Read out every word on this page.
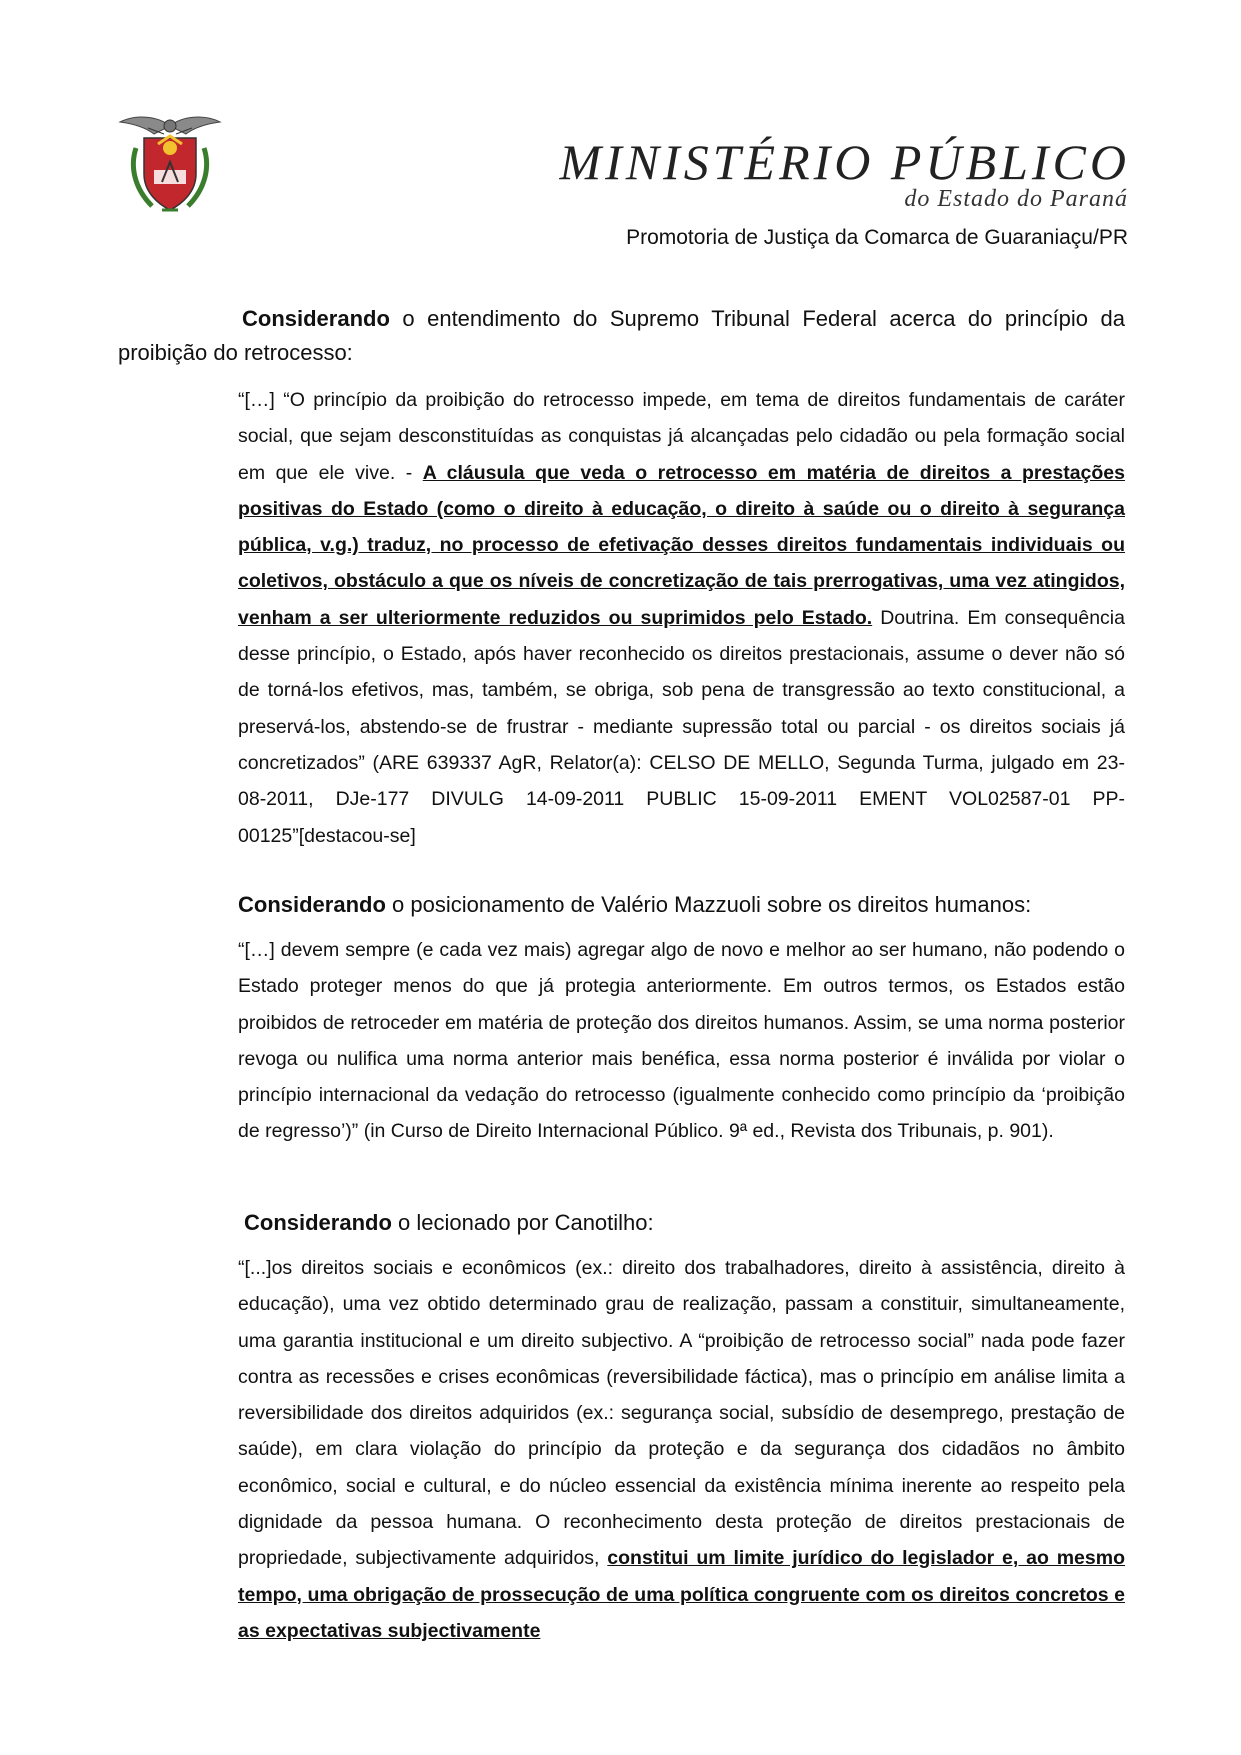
MINISTÉRIO PÚBLICO
do Estado do Paraná
Promotoria de Justiça da Comarca de Guaraniaçu/PR

Considerando o entendimento do Supremo Tribunal Federal acerca do princípio da proibição do retrocesso:

“[…] “O princípio da proibição do retrocesso impede, em tema de direitos fundamentais de caráter social, que sejam desconstituídas as conquistas já alcançadas pelo cidadão ou pela formação social em que ele vive. - A cláusula que veda o retrocesso em matéria de direitos a prestações positivas do Estado (como o direito à educação, o direito à saúde ou o direito à segurança pública, v.g.) traduz, no processo de efetivação desses direitos fundamentais individuais ou coletivos, obstáculo a que os níveis de concretização de tais prerrogativas, uma vez atingidos, venham a ser ulteriormente reduzidos ou suprimidos pelo Estado. Doutrina. Em consequência desse princípio, o Estado, após haver reconhecido os direitos prestacionais, assume o dever não só de torná-los efetivos, mas, também, se obriga, sob pena de transgressão ao texto constitucional, a preservá-los, abstendo-se de frustrar - mediante supressão total ou parcial - os direitos sociais já concretizados” (ARE 639337 AgR, Relator(a): CELSO DE MELLO, Segunda Turma, julgado em 23-08-2011, DJe-177 DIVULG 14-09-2011 PUBLIC 15-09-2011 EMENT VOL02587-01 PP-00125”[destacou-se]

Considerando o posicionamento de Valério Mazzuoli sobre os direitos humanos:

“[…] devem sempre (e cada vez mais) agregar algo de novo e melhor ao ser humano, não podendo o Estado proteger menos do que já protegia anteriormente. Em outros termos, os Estados estão proibidos de retroceder em matéria de proteção dos direitos humanos. Assim, se uma norma posterior revoga ou nulifica uma norma anterior mais benéfica, essa norma posterior é inválida por violar o princípio internacional da vedação do retrocesso (igualmente conhecido como princípio da ‘proibição de regresso’)” (in Curso de Direito Internacional Público. 9ª ed., Revista dos Tribunais, p. 901).

Considerando o lecionado por Canotilho:

“[...]os direitos sociais e econômicos (ex.: direito dos trabalhadores, direito à assistência, direito à educação), uma vez obtido determinado grau de realização, passam a constituir, simultaneamente, uma garantia institucional e um direito subjectivo. A “proibição de retrocesso social” nada pode fazer contra as recessões e crises econômicas (reversibilidade fáctica), mas o princípio em análise limita a reversibilidade dos direitos adquiridos (ex.: segurança social, subsídio de desemprego, prestação de saúde), em clara violação do princípio da proteção e da segurança dos cidadãos no âmbito econômico, social e cultural, e do núcleo essencial da existência mínima inerente ao respeito pela dignidade da pessoa humana. O reconhecimento desta proteção de direitos prestacionais de propriedade, subjectivamente adquiridos, constitui um limite jurídico do legislador e, ao mesmo tempo, uma obrigação de prossecução de uma política congruente com os direitos concretos e as expectativas subjectivamente
